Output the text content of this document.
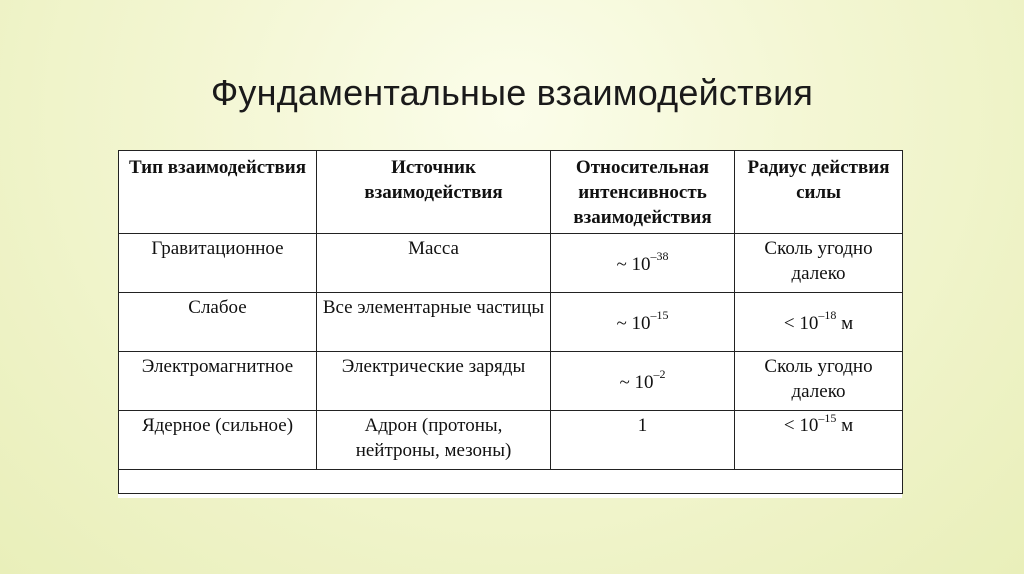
Фундаментальные взаимодействия
Тип взаимодействия	Источник взаимодействия	Относительная интенсивность взаимодействия	Радиус действия силы
Гравитационное	Масса	~ $10^{-38}$	Сколь угодно далеко
Слабое	Все элементарные частицы	~ $10^{-15}$	< $10^{-18}$ м
Электромагнитное	Электрические заряды	~ $10^{-2}$	Сколь угодно далеко
Ядерное (сильное)	Адрон (протоны, нейтроны, мезоны)	1	< $10^{-15}$ м
